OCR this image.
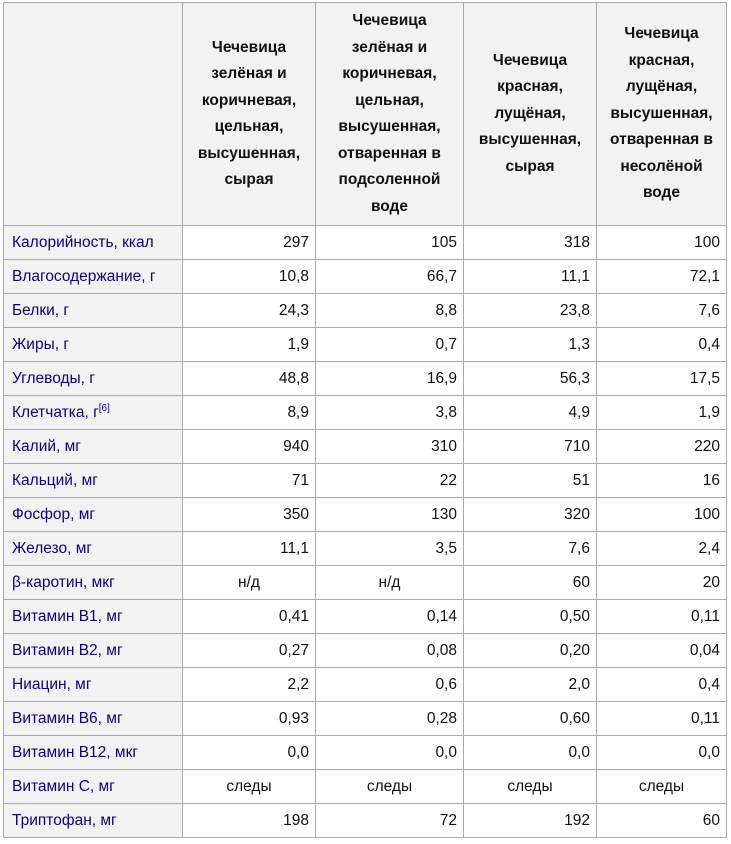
	Чечевица зелёная и коричневая, цельная, высушенная, сырая	Чечевица зелёная и коричневая, цельная, высушенная, отваренная в подсоленной воде	Чечевица красная, лущёная, высушенная, сырая	Чечевица красная, лущёная, высушенная, отваренная в несолёной воде
Калорийность, ккал	297	105	318	100
Влагосодержание, г	10,8	66,7	11,1	72,1
Белки, г	24,3	8,8	23,8	7,6
Жиры, г	1,9	0,7	1,3	0,4
Углеводы, г	48,8	16,9	56,3	17,5
Клетчатка, г[6]	8,9	3,8	4,9	1,9
Калий, мг	940	310	710	220
Кальций, мг	71	22	51	16
Фосфор, мг	350	130	320	100
Железо, мг	11,1	3,5	7,6	2,4
β-каротин, мкг	н/д	н/д	60	20
Витамин B1, мг	0,41	0,14	0,50	0,11
Витамин B2, мг	0,27	0,08	0,20	0,04
Ниацин, мг	2,2	0,6	2,0	0,4
Витамин B6, мг	0,93	0,28	0,60	0,11
Витамин B12, мкг	0,0	0,0	0,0	0,0
Витамин C, мг	следы	следы	следы	следы
Триптофан, мг	198	72	192	60
